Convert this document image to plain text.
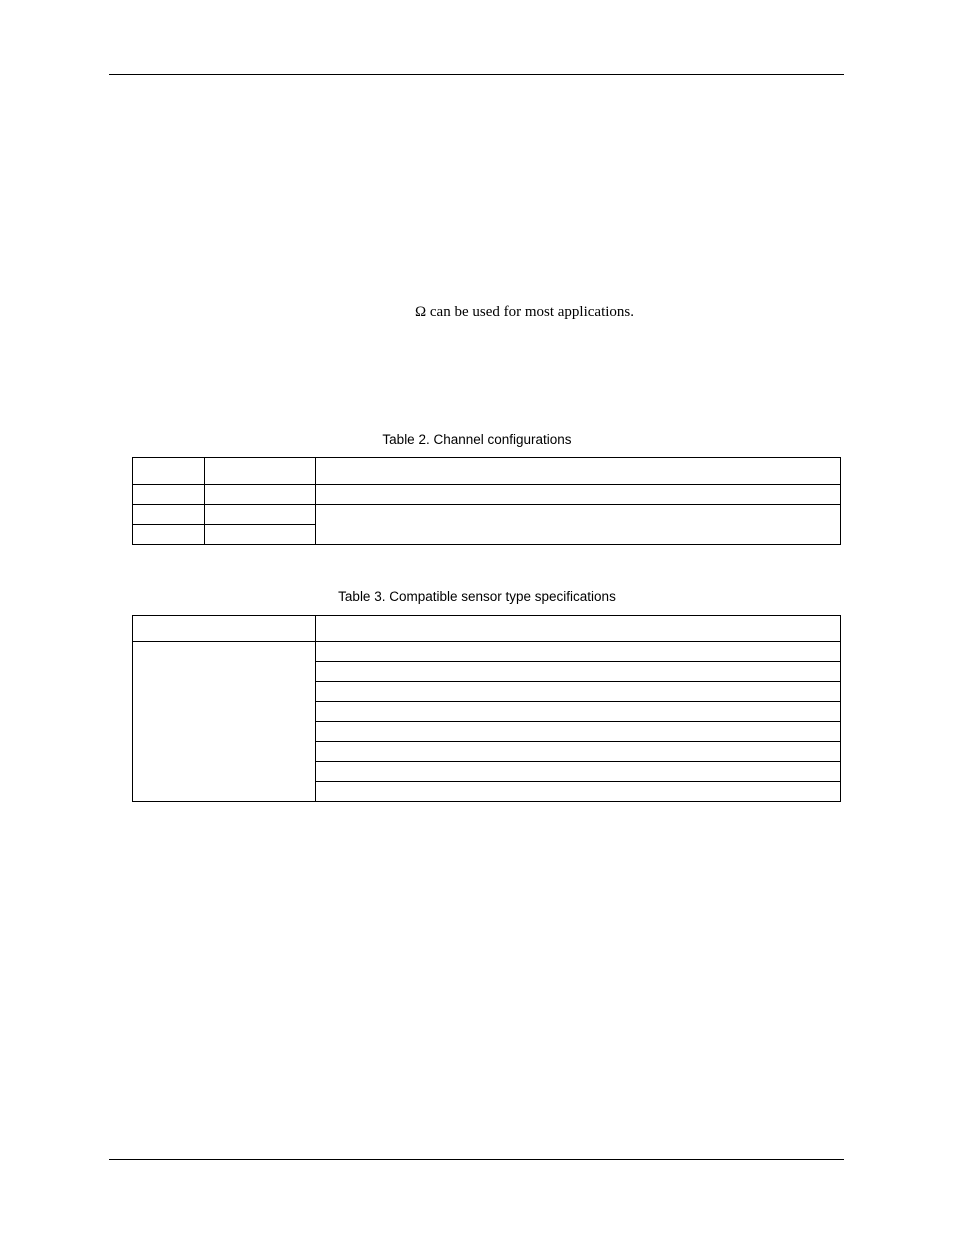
Ω can be used for most applications.
Table 2. Channel configurations

Table 3. Compatible sensor type specifications
